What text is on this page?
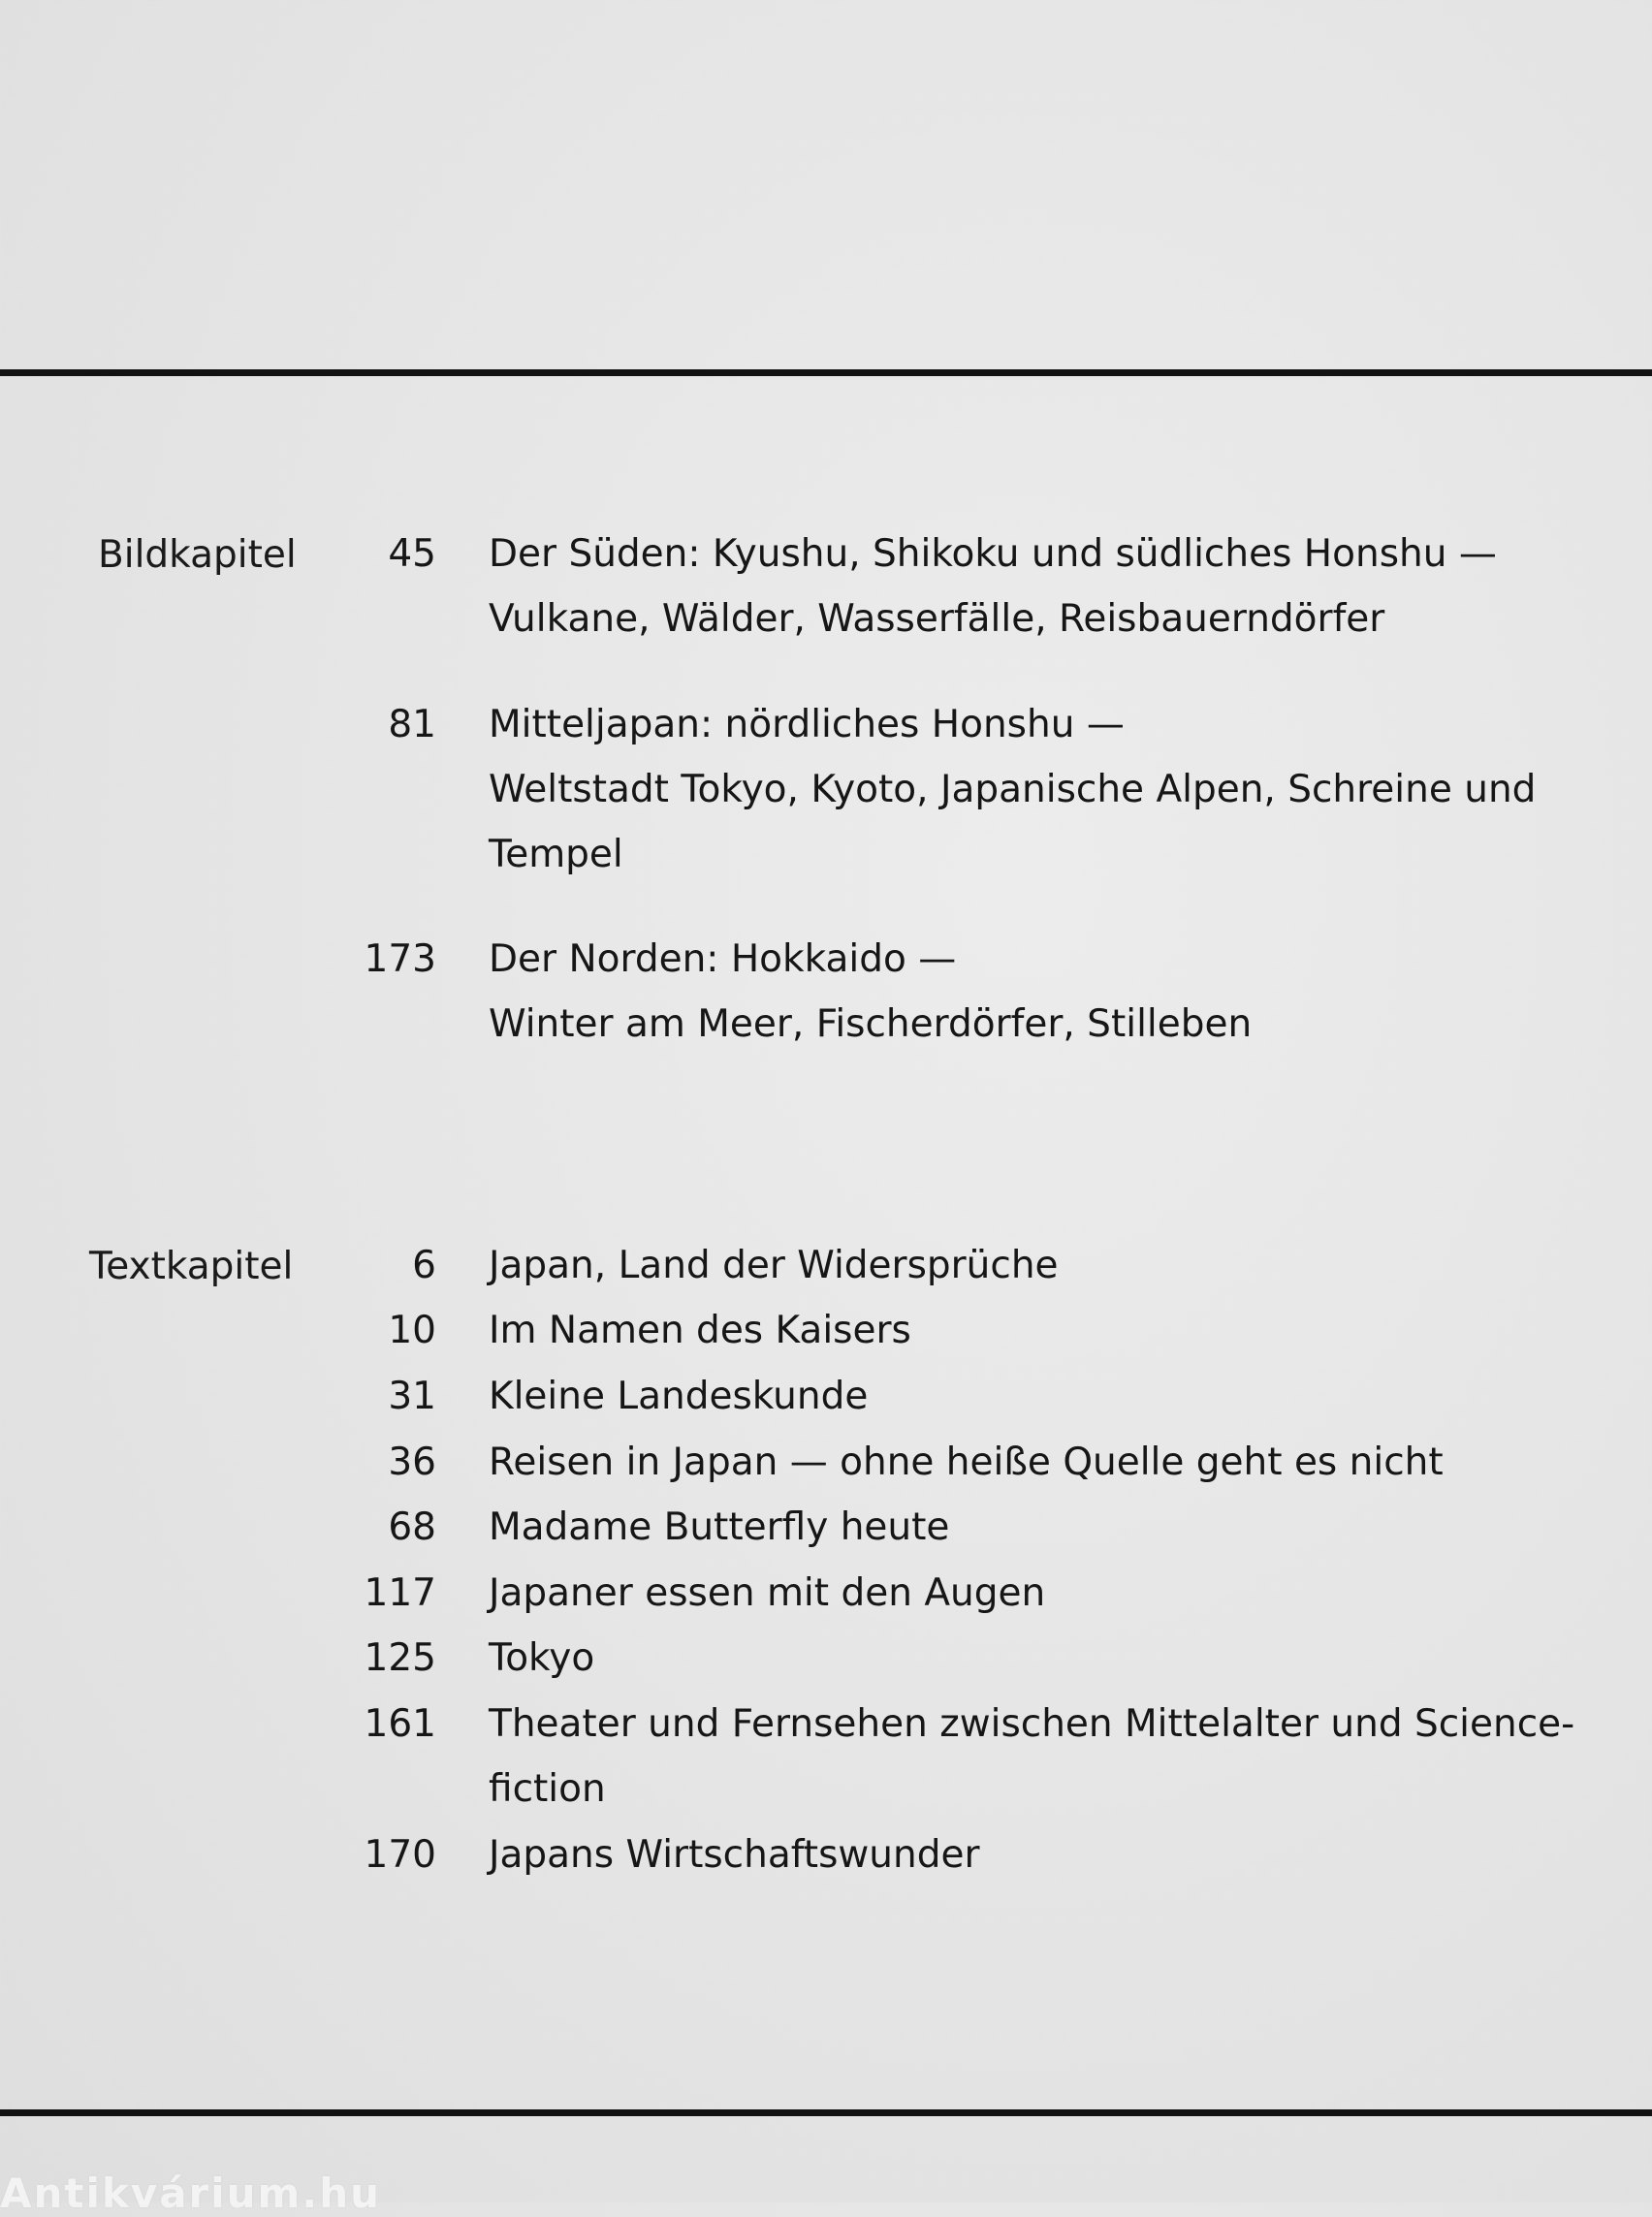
Bildkapitel 45 Der Süden: Kyushu, Shikoku und südliches Honshu —
Vulkane, Wälder, Wasserfälle, Reisbauerndörfer
81 Mitteljapan: nördliches Honshu —
Weltstadt Tokyo, Kyoto, Japanische Alpen, Schreine und
Tempel
173 Der Norden: Hokkaido —
Winter am Meer, Fischerdörfer, Stilleben
Textkapitel	6 Japan, Land der Widersprüche
10 Im Namen des Kaisers
31 Kleine Landeskunde
36 Reisen in Japan — ohne heiße Quelle geht es nicht
68 Madame Butterfly heute
117 Japaner essen mit den Augen
125 Tokyo
161 Theater und Fernsehen zwischen Mittelalter und Science-
fiction
170 Japans Wirtschaftswunder
Antikvárium.hu
